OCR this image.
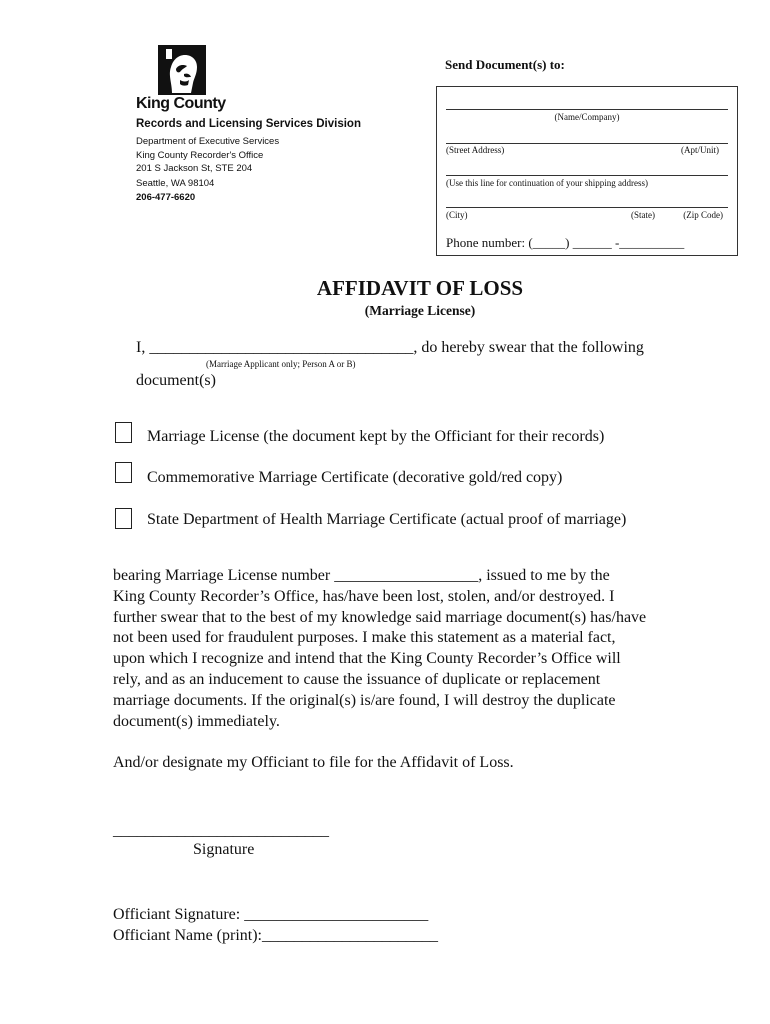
King County
Records and Licensing Services Division
Department of Executive Services
King County Recorder's Office
201 S Jackson St, STE 204
Seattle, WA 98104
206-477-6620
Send Document(s) to:
(Name/Company)
(Street Address)	(Apt/Unit)
(Use this line for continuation of your shipping address)
(City)	(State)	(Zip Code)
Phone number: (_____) ______ -__________
AFFIDAVIT OF LOSS
(Marriage License)
I, _________________________________, do hereby swear that the following
(Marriage Applicant only; Person A or B)
document(s)
Marriage License (the document kept by the Officiant for their records)
Commemorative Marriage Certificate (decorative gold/red copy)
State Department of Health Marriage Certificate (actual proof of marriage)
bearing Marriage License number __________________, issued to me by the
King County Recorder’s Office, has/have been lost, stolen, and/or destroyed. I
further swear that to the best of my knowledge said marriage document(s) has/have
not been used for fraudulent purposes. I make this statement as a material fact,
upon which I recognize and intend that the King County Recorder’s Office will
rely, and as an inducement to cause the issuance of duplicate or replacement
marriage documents. If the original(s) is/are found, I will destroy the duplicate
document(s) immediately.
And/or designate my Officiant to file for the Affidavit of Loss.
___________________________
Signature
Officiant Signature: _______________________
Officiant Name (print):______________________
